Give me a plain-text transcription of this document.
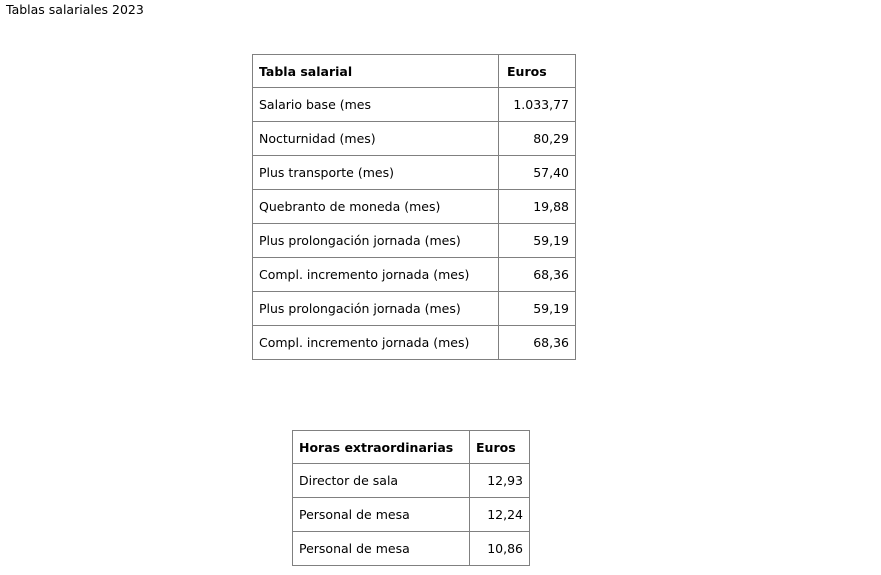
Tablas salariales 2023
Tabla salarial	Euros
Salario base (mes	1.033,77
Nocturnidad (mes)	80,29
Plus transporte (mes)	57,40
Quebranto de moneda (mes)	19,88
Plus prolongación jornada (mes)	59,19
Compl. incremento jornada (mes)	68,36
Plus prolongación jornada (mes)	59,19
Compl. incremento jornada (mes)	68,36
Horas extraordinarias	Euros
Director de sala	12,93
Personal de mesa	12,24
Personal de mesa	10,86
